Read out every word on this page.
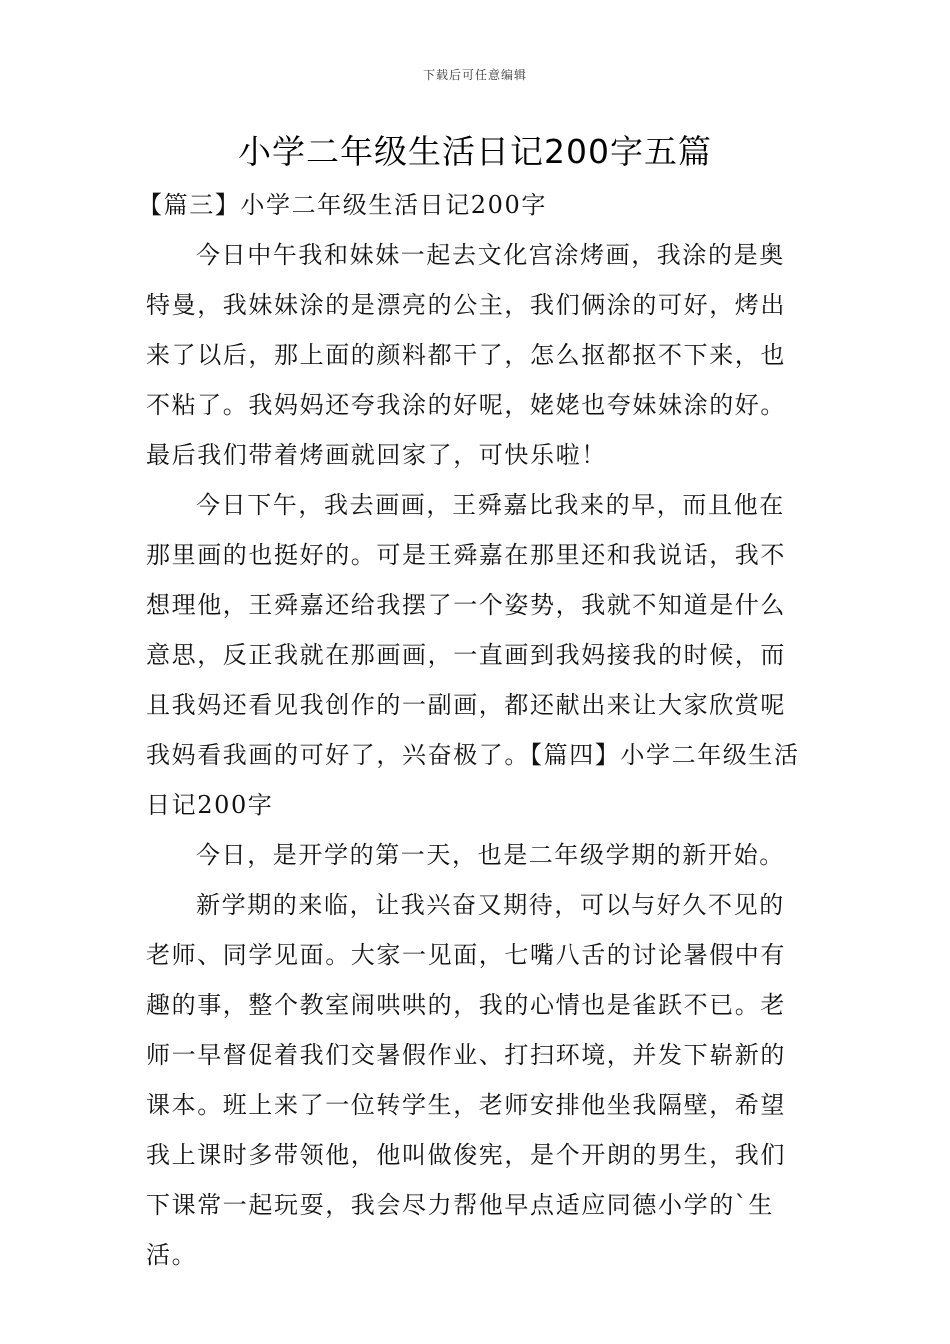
下载后可任意编辑
小学二年级生活日记200字五篇

【篇三】小学二年级生活日记200字

今日中午我和妹妹一起去文化宫涂烤画，我涂的是奥特曼，我妹妹涂的是漂亮的公主，我们俩涂的可好，烤出来了以后，那上面的颜料都干了，怎么抠都抠不下来，也不粘了。我妈妈还夸我涂的好呢，姥姥也夸妹妹涂的好。最后我们带着烤画就回家了，可快乐啦！

今日下午，我去画画，王舜嘉比我来的早，而且他在那里画的也挺好的。可是王舜嘉在那里还和我说话，我不想理他，王舜嘉还给我摆了一个姿势，我就不知道是什么意思，反正我就在那画画，一直画到我妈接我的时候，而且我妈还看见我创作的一副画，都还献出来让大家欣赏呢我妈看我画的可好了，兴奋极了。【篇四】小学二年级生活日记200字

今日，是开学的第一天，也是二年级学期的新开始。

新学期的来临，让我兴奋又期待，可以与好久不见的老师、同学见面。大家一见面，七嘴八舌的讨论暑假中有趣的事，整个教室闹哄哄的，我的心情也是雀跃不已。老师一早督促着我们交暑假作业、打扫环境，并发下崭新的课本。班上来了一位转学生，老师安排他坐我隔壁，希望我上课时多带领他，他叫做俊宪，是个开朗的男生，我们下课常一起玩耍，我会尽力帮他早点适应同德小学的`生活。
